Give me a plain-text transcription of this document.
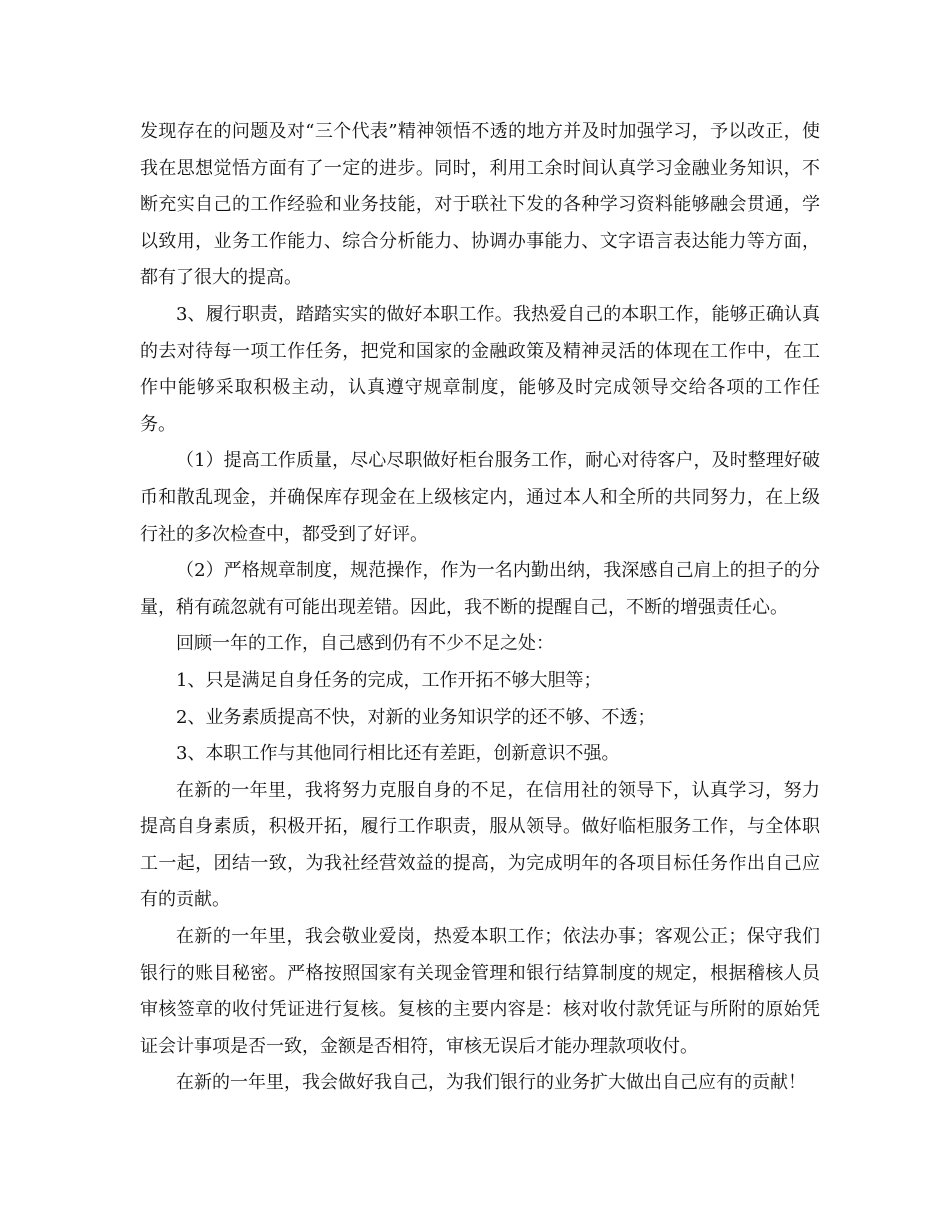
发现存在的问题及对“三个代表”精神领悟不透的地方并及时加强学习，予以改正，使我在思想觉悟方面有了一定的进步。同时，利用工余时间认真学习金融业务知识，不断充实自己的工作经验和业务技能，对于联社下发的各种学习资料能够融会贯通，学以致用，业务工作能力、综合分析能力、协调办事能力、文字语言表达能力等方面，都有了很大的提高。

3、履行职责，踏踏实实的做好本职工作。我热爱自己的本职工作，能够正确认真的去对待每一项工作任务，把党和国家的金融政策及精神灵活的体现在工作中，在工作中能够采取积极主动，认真遵守规章制度，能够及时完成领导交给各项的工作任务。

（1）提高工作质量，尽心尽职做好柜台服务工作，耐心对待客户，及时整理好破币和散乱现金，并确保库存现金在上级核定内，通过本人和全所的共同努力，在上级行社的多次检查中，都受到了好评。

（2）严格规章制度，规范操作，作为一名内勤出纳，我深感自己肩上的担子的分量，稍有疏忽就有可能出现差错。因此，我不断的提醒自己，不断的增强责任心。

回顾一年的工作，自己感到仍有不少不足之处：

1、只是满足自身任务的完成，工作开拓不够大胆等；

2、业务素质提高不快，对新的业务知识学的还不够、不透；

3、本职工作与其他同行相比还有差距，创新意识不强。

在新的一年里，我将努力克服自身的不足，在信用社的领导下，认真学习，努力提高自身素质，积极开拓，履行工作职责，服从领导。做好临柜服务工作，与全体职工一起，团结一致，为我社经营效益的提高，为完成明年的各项目标任务作出自己应有的贡献。

在新的一年里，我会敬业爱岗，热爱本职工作；依法办事；客观公正；保守我们银行的账目秘密。严格按照国家有关现金管理和银行结算制度的规定，根据稽核人员审核签章的收付凭证进行复核。复核的主要内容是：核对收付款凭证与所附的原始凭证会计事项是否一致，金额是否相符，审核无误后才能办理款项收付。

在新的一年里，我会做好我自己，为我们银行的业务扩大做出自己应有的贡献！
